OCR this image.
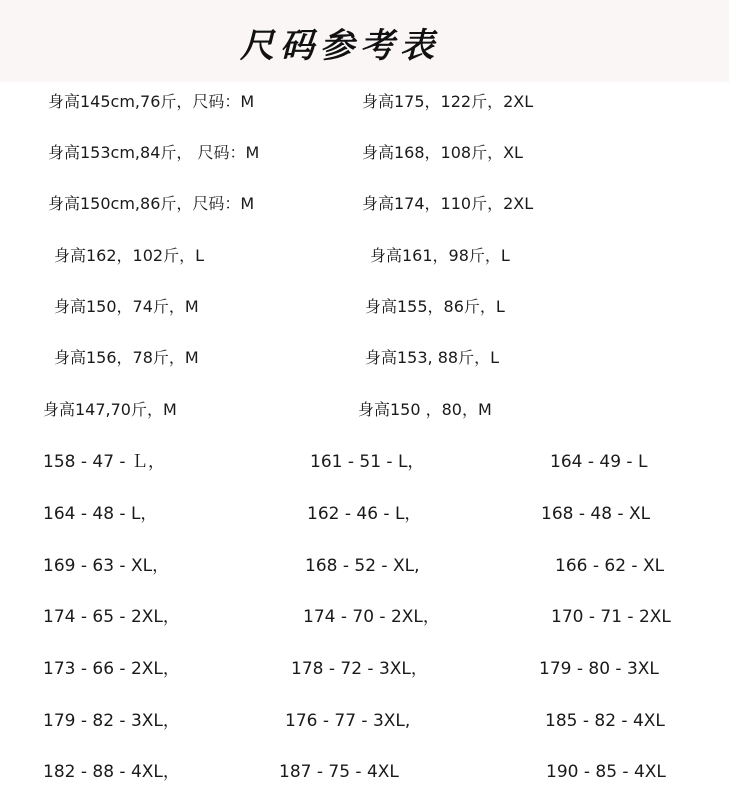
尺码参考表
身高145cm,76斤，尺码：M	身高175，122斤，2XL
身高153cm,84斤， 尺码：M	身高168，108斤，XL
身高150cm,86斤，尺码：M	身高174，110斤，2XL
身高162，102斤，L	身高161，98斤，L
身高150，74斤，M	身高155，86斤，L
身高156，78斤，M	身高153, 88斤，L
身高147,70斤，M	身高150 ，80，M
158 - 47 - Ｌ，	161 - 51 - L，	164 - 49 - L
164 - 48 - L，	162 - 46 - L，	168 - 48 - XL
169 - 63 - XL，	168 - 52 - XL,	166 - 62 - XL
174 - 65 - 2XL，	174 - 70 - 2XL，	170 - 71 - 2XL
173 - 66 - 2XL，	178 - 72 - 3XL，	179 - 80 - 3XL
179 - 82 - 3XL，	176 - 77 - 3XL,	185 - 82 - 4XL
182 - 88 - 4XL，	187 - 75 - 4XL	190 - 85 - 4XL
